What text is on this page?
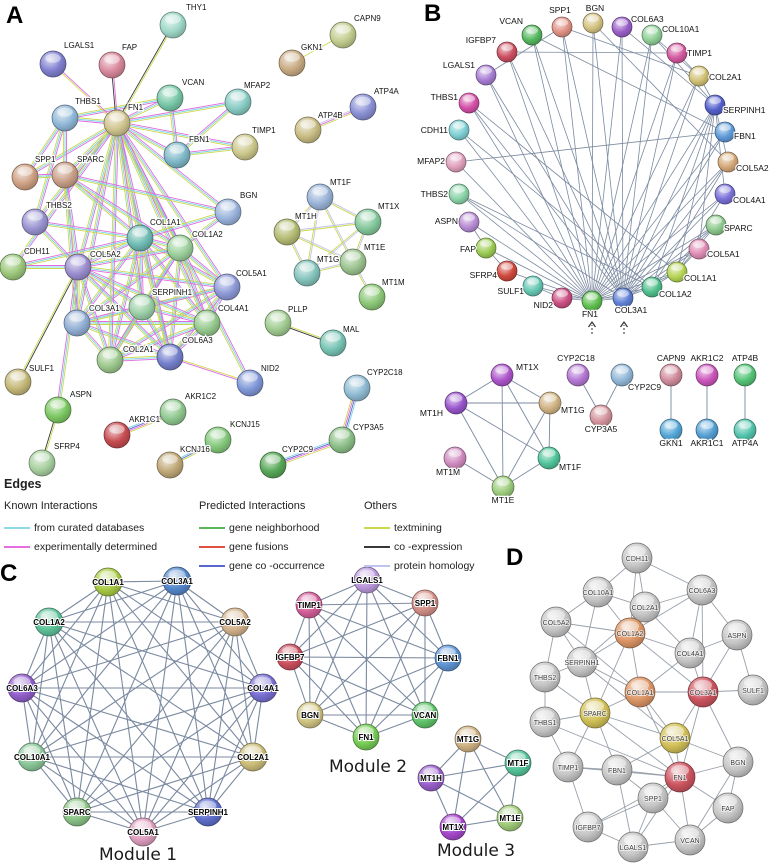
THY1
LGALS1	FAP
VCAN	MFAP2
THBS1
FN1
FBN1
TIMP1
SPP1	SPARC
THBS2
BGN
COL1A1
COL1A2
CDH11	COL5A2
COL5A1
SERPINH1
COL3A1	COL4A1
COL2A1
COL6A3
SULF1	NID2
ASPN	AKR1C2
AKR1C1
KCNJ15
KCNJ16	CYP2C9
SFRP4
CAPN9
GKN1
ATP4A
ATP4B
MT1F
MT1X
MT1H
MT1E
MT1G
MT1M
PLLP
MAL
CYP2C18
CYP3A5
VCAN
SPP1 BGN
COL6A3
COL10A1
IGFBP7
TIMP1
LGALS1
COL2A1
THBS1
SERPINH1
CDH11
FBN1
MFAP2
COL5A2
THBS2
COL4A1
ASPN
SPARC
FAP	COL5A1
SFRP4	COL1A1
SULF1	COL1A2
NID2
FN1 COL3A1
MT1X
MT1H	MT1G
MT1M
MT1E
MT1F
CYP2C18
CYP2C9
CYP3A5
CAPN9
GKN1
AKR1C2
AKR1C1
ATP4B
ATP4A
COL1A1	COL3A1
COL1A2	COL5A2
COL6A3	COL4A1
COL10A1	COL2A1
SPARC	SERPINH1
COL5A1
LGALS1
TIMP1	SPP1
IGFBP7	FBN1
BGN	VCAN
FN1	MT1G
MT1F
MT1H
MT1X
MT1E
CDH11
COL10A1
COL2A1
COL6A3
COL5A2
COL1A2	ASPN
SERPINH1
COL4A1
THBS2
COL1A1	COL3A1	SULF1
THBS1
SPARC
COL5A1
TIMP1	FBN1
FN1
BGN
SPP1
FAP
IGFBP7
LGALS1
VCAN
A	B
C
D
Module 1
Module 2
Module 3
Edges
Known Interactions
from curated databases
experimentally determined
Predicted Interactions
gene neighborhood
gene fusions
gene co -occurrence
Others
textmining
co -expression
protein homology
